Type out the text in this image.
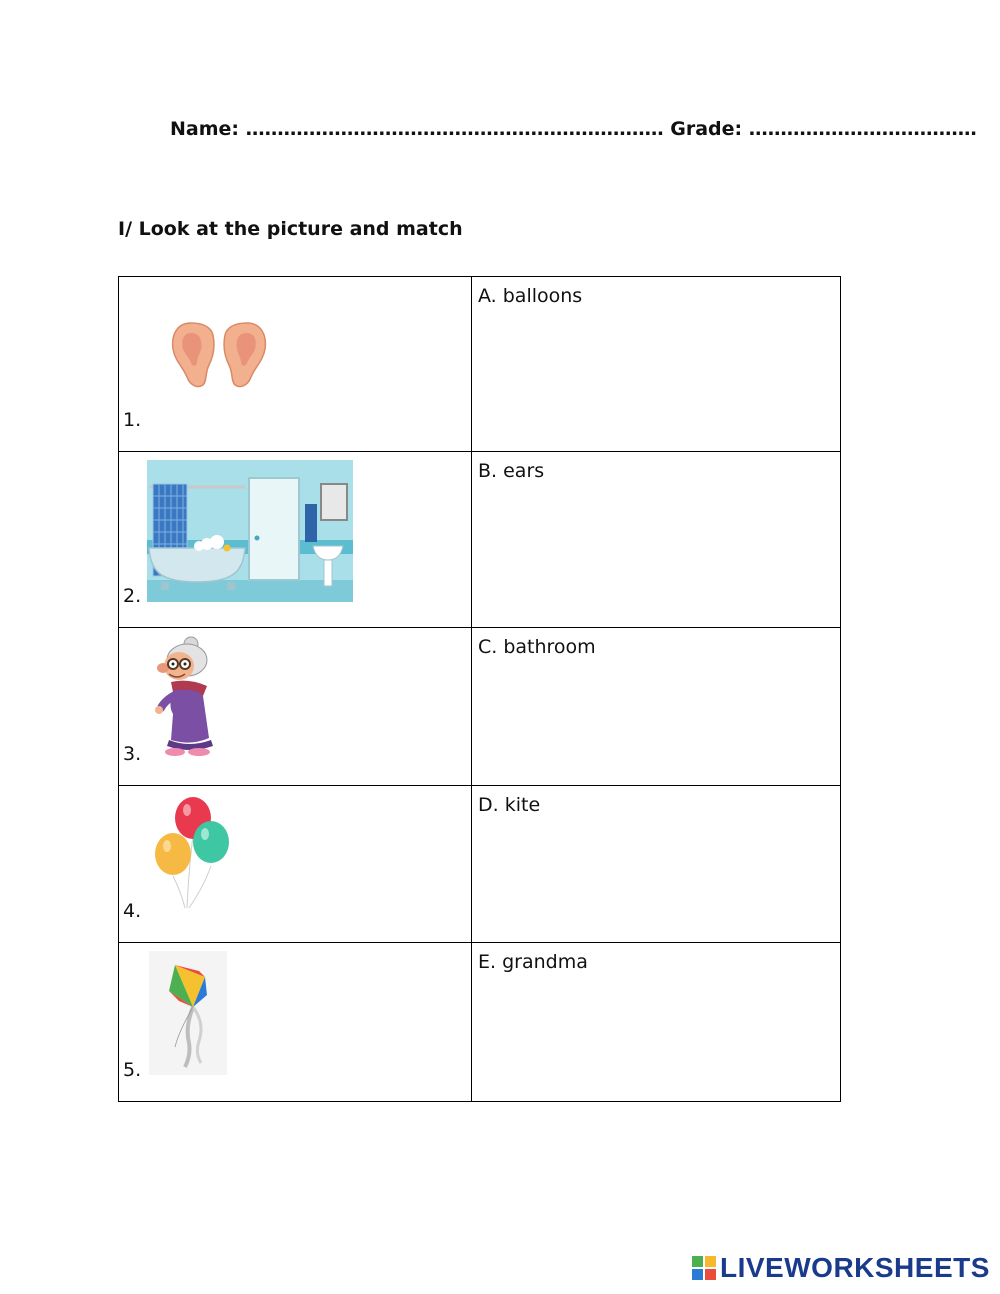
Name: ………………………………………………………… Grade: ………………………………
I/ Look at the picture and match
1.	A. balloons

2.	B. ears

3.	C. bathroom

4.	D. kite

5.	E. grandma
LIVEWORKSHEETS
